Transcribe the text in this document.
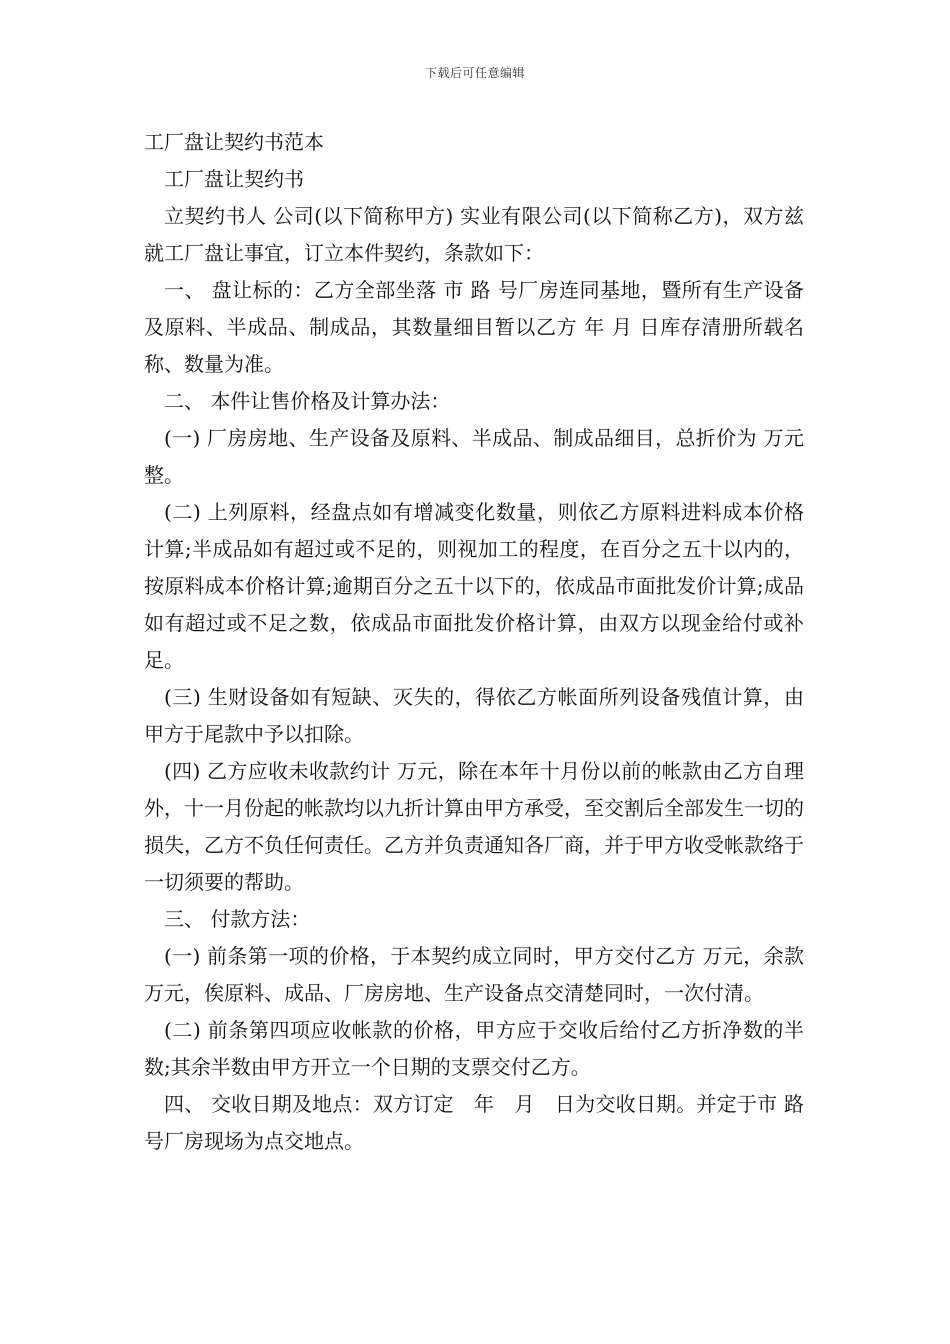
下载后可任意编辑

工厂盘让契约书范本

工厂盘让契约书

立契约书人 公司(以下简称甲方) 实业有限公司(以下简称乙方)，双方兹就工厂盘让事宜，订立本件契约，条款如下：

一、 盘让标的：乙方全部坐落 市 路 号厂房连同基地，暨所有生产设备及原料、半成品、制成品，其数量细目暂以乙方 年 月 日库存清册所载名称、数量为准。

二、 本件让售价格及计算办法：

(一) 厂房房地、生产设备及原料、半成品、制成品细目，总折价为 万元整。

(二) 上列原料，经盘点如有增减变化数量，则依乙方原料进料成本价格计算;半成品如有超过或不足的，则视加工的程度，在百分之五十以内的，按原料成本价格计算;逾期百分之五十以下的，依成品市面批发价计算;成品如有超过或不足之数，依成品市面批发价格计算，由双方以现金给付或补足。

(三) 生财设备如有短缺、灭失的，得依乙方帐面所列设备残值计算，由甲方于尾款中予以扣除。

(四) 乙方应收未收款约计 万元，除在本年十月份以前的帐款由乙方自理外，十一月份起的帐款均以九折计算由甲方承受，至交割后全部发生一切的损失，乙方不负任何责任。乙方并负责通知各厂商，并于甲方收受帐款络于一切须要的帮助。

三、 付款方法：

(一) 前条第一项的价格，于本契约成立同时，甲方交付乙方 万元，余款 万元，俟原料、成品、厂房房地、生产设备点交清楚同时，一次付清。

(二) 前条第四项应收帐款的价格，甲方应于交收后给付乙方折净数的半数;其余半数由甲方开立一个日期的支票交付乙方。

四、 交收日期及地点：双方订定　年　月　日为交收日期。并定于市 路 号厂房现场为点交地点。
